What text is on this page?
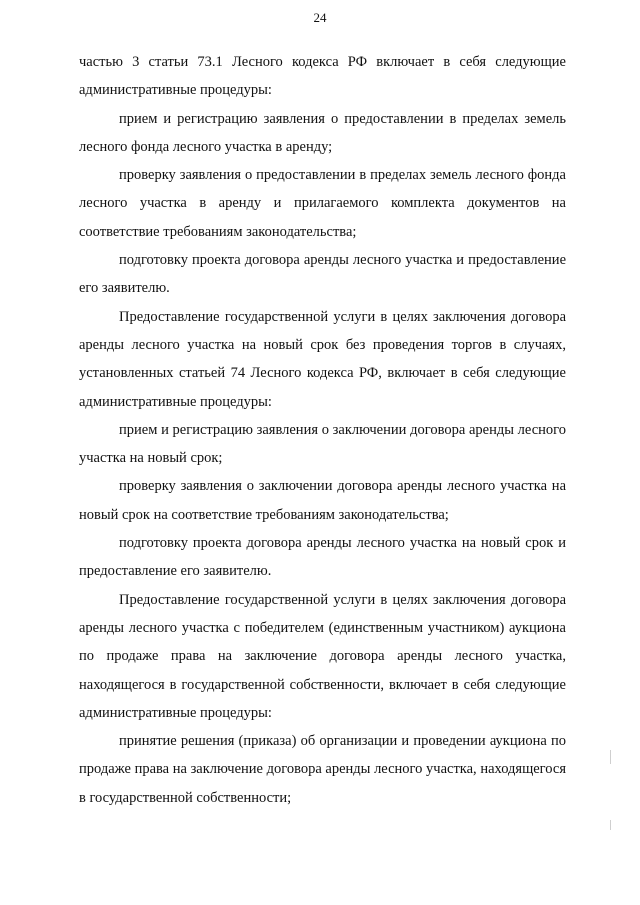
24

частью 3 статьи 73.1 Лесного кодекса РФ включает в себя следующие административные процедуры:

прием и регистрацию заявления о предоставлении в пределах земель лесного фонда лесного участка в аренду;

проверку заявления о предоставлении в пределах земель лесного фонда лесного участка в аренду и прилагаемого комплекта документов на соответствие требованиям законодательства;

подготовку проекта договора аренды лесного участка и предоставление его заявителю.

Предоставление государственной услуги в целях заключения договора аренды лесного участка на новый срок без проведения торгов в случаях, установленных статьей 74 Лесного кодекса РФ, включает в себя следующие административные процедуры:

прием и регистрацию заявления о заключении договора аренды лесного участка на новый срок;

проверку заявления о заключении договора аренды лесного участка на новый срок на соответствие требованиям законодательства;

подготовку проекта договора аренды лесного участка на новый срок и предоставление его заявителю.

Предоставление государственной услуги в целях заключения договора аренды лесного участка с победителем (единственным участником) аукциона по продаже права на заключение договора аренды лесного участка, находящегося в государственной собственности, включает в себя следующие административные процедуры:

принятие решения (приказа) об организации и проведении аукциона по продаже права на заключение договора аренды лесного участка, находящегося в государственной собственности;
